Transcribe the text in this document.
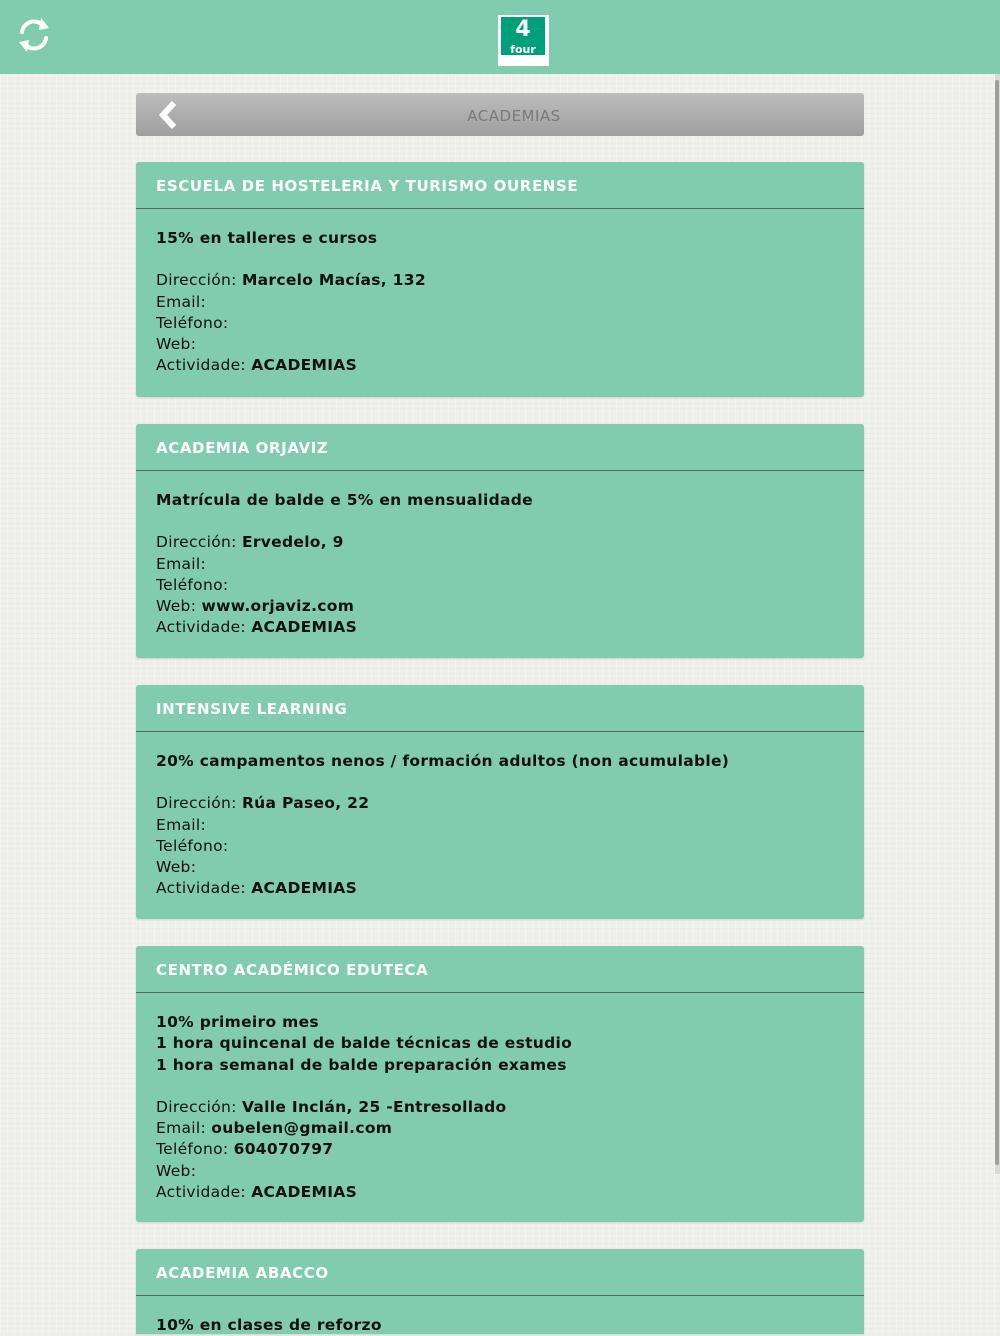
4
four
ACADEMIAS
ESCUELA DE HOSTELERIA Y TURISMO OURENSE
15% en talleres e cursos
Dirección: Marcelo Macías, 132
Email:
Teléfono:
Web:
Actividade: ACADEMIAS
ACADEMIA ORJAVIZ
Matrícula de balde e 5% en mensualidade
Dirección: Ervedelo, 9
Email:
Teléfono:
Web: www.orjaviz.com
Actividade: ACADEMIAS
INTENSIVE LEARNING
20% campamentos nenos / formación adultos (non acumulable)
Dirección: Rúa Paseo, 22
Email:
Teléfono:
Web:
Actividade: ACADEMIAS
CENTRO ACADÉMICO EDUTECA
10% primeiro mes
1 hora quincenal de balde técnicas de estudio
1 hora semanal de balde preparación exames
Dirección: Valle Inclán, 25 -Entresollado
Email: oubelen@gmail.com
Teléfono: 604070797
Web:
Actividade: ACADEMIAS
ACADEMIA ABACCO
10% en clases de reforzo
